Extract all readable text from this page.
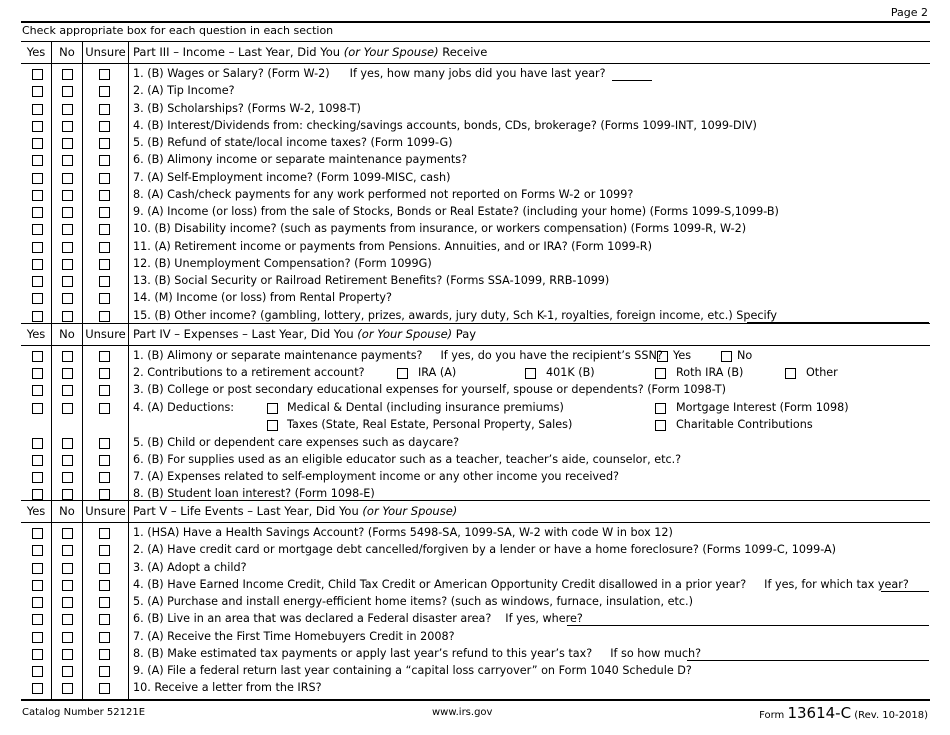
Page 2
Check appropriate box for each question in each section
Yes	No Unsure Part III – Income – Last Year, Did You (or Your Spouse) Receive
1. (B) Wages or Salary? (Form W-2) If yes, how many jobs did you have last year?
2. (A) Tip Income?
3. (B) Scholarships? (Forms W-2, 1098-T)
4. (B) Interest/Dividends from: checking/savings accounts, bonds, CDs, brokerage? (Forms 1099-INT, 1099-DIV)
5. (B) Refund of state/local income taxes? (Form 1099-G)
6. (B) Alimony income or separate maintenance payments?
7. (A) Self-Employment income? (Form 1099-MISC, cash)
8. (A) Cash/check payments for any work performed not reported on Forms W-2 or 1099?
9. (A) Income (or loss) from the sale of Stocks, Bonds or Real Estate? (including your home) (Forms 1099-S,1099-B)
10. (B) Disability income? (such as payments from insurance, or workers compensation) (Forms 1099-R, W-2)
11. (A) Retirement income or payments from Pensions. Annuities, and or IRA? (Form 1099-R)
12. (B) Unemployment Compensation? (Form 1099G)
13. (B) Social Security or Railroad Retirement Benefits? (Forms SSA-1099, RRB-1099)
14. (M) Income (or loss) from Rental Property?
15. (B) Other income? (gambling, lottery, prizes, awards, jury duty, Sch K-1, royalties, foreign income, etc.) Specify
Yes	No Unsure Part IV – Expenses – Last Year, Did You (or Your Spouse) Pay
1. (B) Alimony or separate maintenance payments? If yes, do you have the recipient’s SSN? Yes	No
2. Contributions to a retirement account?	IRA (A)	401K (B)	Roth IRA (B)	Other
3. (B) College or post secondary educational expenses for yourself, spouse or dependents? (Form 1098-T)
4. (A) Deductions:	Medical & Dental (including insurance premiums)	Mortgage Interest (Form 1098)
Taxes (State, Real Estate, Personal Property, Sales)	Charitable Contributions
5. (B) Child or dependent care expenses such as daycare?
6. (B) For supplies used as an eligible educator such as a teacher, teacher’s aide, counselor, etc.?
7. (A) Expenses related to self-employment income or any other income you received?
8. (B) Student loan interest? (Form 1098-E)
Yes	No Unsure Part V – Life Events – Last Year, Did You (or Your Spouse)
1. (HSA) Have a Health Savings Account? (Forms 5498-SA, 1099-SA, W-2 with code W in box 12)
2. (A) Have credit card or mortgage debt cancelled/forgiven by a lender or have a home foreclosure? (Forms 1099-C, 1099-A)
3. (A) Adopt a child?
4. (B) Have Earned Income Credit, Child Tax Credit or American Opportunity Credit disallowed in a prior year? If yes, for which tax year?
5. (A) Purchase and install energy-efficient home items? (such as windows, furnace, insulation, etc.)
6. (B) Live in an area that was declared a Federal disaster area? If yes, where?
7. (A) Receive the First Time Homebuyers Credit in 2008?
8. (B) Make estimated tax payments or apply last year’s refund to this year’s tax? If so how much?
9. (A) File a federal return last year containing a “capital loss carryover” on Form 1040 Schedule D?
10. Receive a letter from the IRS?
Catalog Number 52121E	www.irs.gov	Form 13614-C (Rev. 10-2018)
